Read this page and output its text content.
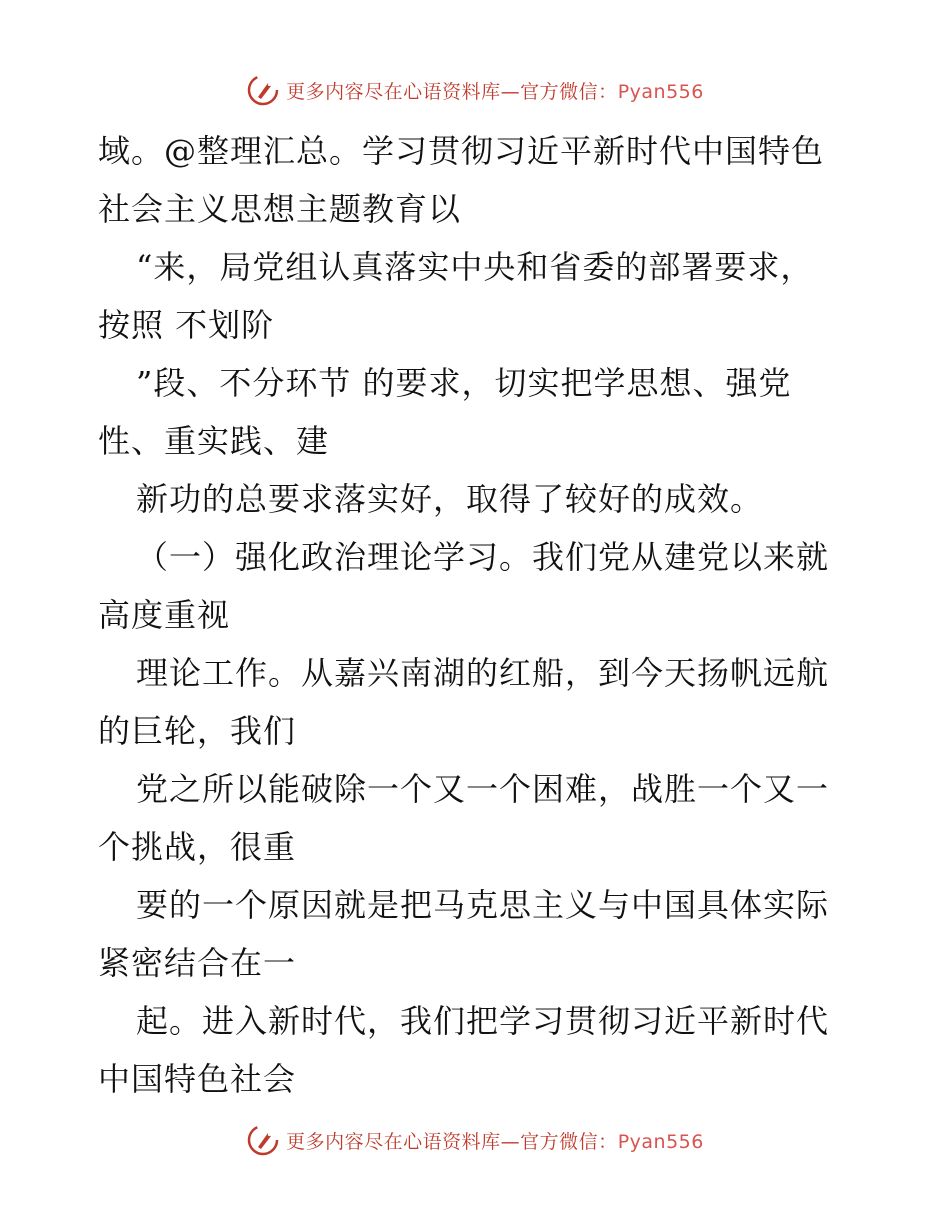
更多内容尽在心语资料库—官方微信：Pyan556
域。@整理汇总。学习贯彻习近平新时代中国特色
社会主义思想主题教育以
“来，局党组认真落实中央和省委的部署要求，
按照 不划阶
”段、不分环节 的要求，切实把学思想、强党
性、重实践、建
新功的总要求落实好，取得了较好的成效。
（一）强化政治理论学习。我们党从建党以来就
高度重视
理论工作。从嘉兴南湖的红船，到今天扬帆远航
的巨轮，我们
党之所以能破除一个又一个困难，战胜一个又一
个挑战，很重
要的一个原因就是把马克思主义与中国具体实际
紧密结合在一
起。进入新时代，我们把学习贯彻习近平新时代
中国特色社会
更多内容尽在心语资料库—官方微信：Pyan556
